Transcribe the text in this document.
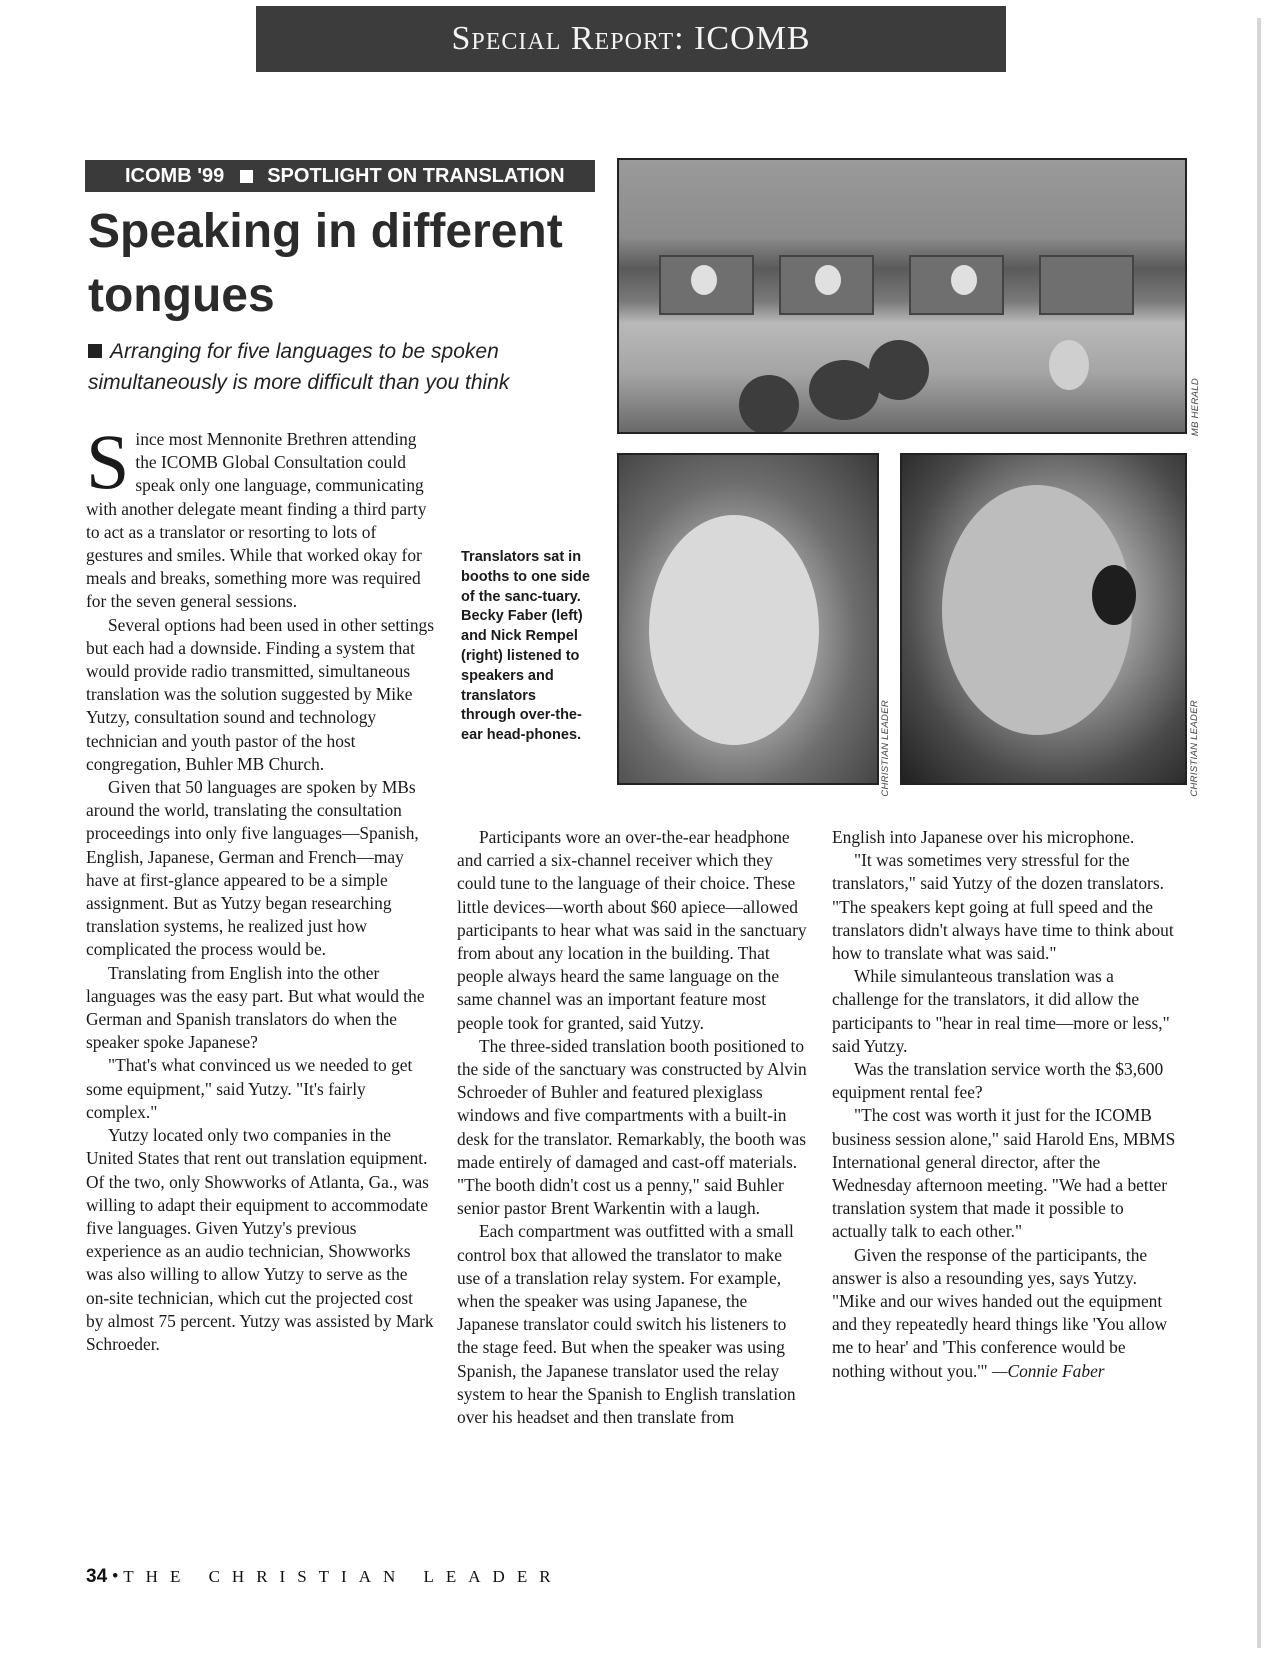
Special Report: ICOMB
ICOMB '99 SPOTLIGHT ON TRANSLATION
Speaking in different tongues
Arranging for five languages to be spoken simultaneously is more difficult than you think

Since most Mennonite Brethren attending the ICOMB Global Consultation could speak only one language, communicating with another delegate meant finding a third party to act as a translator or resorting to lots of gestures and smiles. While that worked okay for meals and breaks, something more was required for the seven general sessions.

Several options had been used in other settings but each had a downside. Finding a system that would provide radio transmitted, simultaneous translation was the solution suggested by Mike Yutzy, consultation sound and technology technician and youth pastor of the host congregation, Buhler MB Church.

Given that 50 languages are spoken by MBs around the world, translating the consultation proceedings into only five languages—Spanish, English, Japanese, German and French—may have at first-glance appeared to be a simple assignment. But as Yutzy began researching translation systems, he realized just how complicated the process would be.

Translating from English into the other languages was the easy part. But what would the German and Spanish translators do when the speaker spoke Japanese?

"That's what convinced us we needed to get some equipment," said Yutzy. "It's fairly complex."

Yutzy located only two companies in the United States that rent out translation equipment. Of the two, only Showworks of Atlanta, Ga., was willing to adapt their equipment to accommodate five languages. Given Yutzy's previous experience as an audio technician, Showworks was also willing to allow Yutzy to serve as the on-site technician, which cut the projected cost by almost 75 percent. Yutzy was assisted by Mark Schroeder.

Translators sat in booths to one side of the sanc-tuary. Becky Faber (left) and Nick Rempel (right) listened to speakers and translators through over-the-ear head-phones.
MB HERALD
CHRISTIAN LEADER	CHRISTIAN LEADER

Participants wore an over-the-ear headphone and carried a six-channel receiver which they could tune to the language of their choice. These little devices—worth about $60 apiece—allowed participants to hear what was said in the sanctuary from about any location in the building. That people always heard the same language on the same channel was an important feature most people took for granted, said Yutzy.

The three-sided translation booth positioned to the side of the sanctuary was constructed by Alvin Schroeder of Buhler and featured plexiglass windows and five compartments with a built-in desk for the translator. Remarkably, the booth was made entirely of damaged and cast-off materials. "The booth didn't cost us a penny," said Buhler senior pastor Brent Warkentin with a laugh.

Each compartment was outfitted with a small control box that allowed the translator to make use of a translation relay system. For example, when the speaker was using Japanese, the Japanese translator could switch his listeners to the stage feed. But when the speaker was using Spanish, the Japanese translator used the relay system to hear the Spanish to English translation over his headset and then translate from

English into Japanese over his microphone.

"It was sometimes very stressful for the translators," said Yutzy of the dozen translators. "The speakers kept going at full speed and the translators didn't always have time to think about how to translate what was said."

While simulanteous translation was a challenge for the translators, it did allow the participants to "hear in real time—more or less," said Yutzy.

Was the translation service worth the $3,600 equipment rental fee?

"The cost was worth it just for the ICOMB business session alone," said Harold Ens, MBMS International general director, after the Wednesday afternoon meeting. "We had a better translation system that made it possible to actually talk to each other."

Given the response of the participants, the answer is also a resounding yes, says Yutzy. "Mike and our wives handed out the equipment and they repeatedly heard things like 'You allow me to hear' and 'This conference would be nothing without you.'" —Connie Faber

34 • THE CHRISTIAN LEADER
